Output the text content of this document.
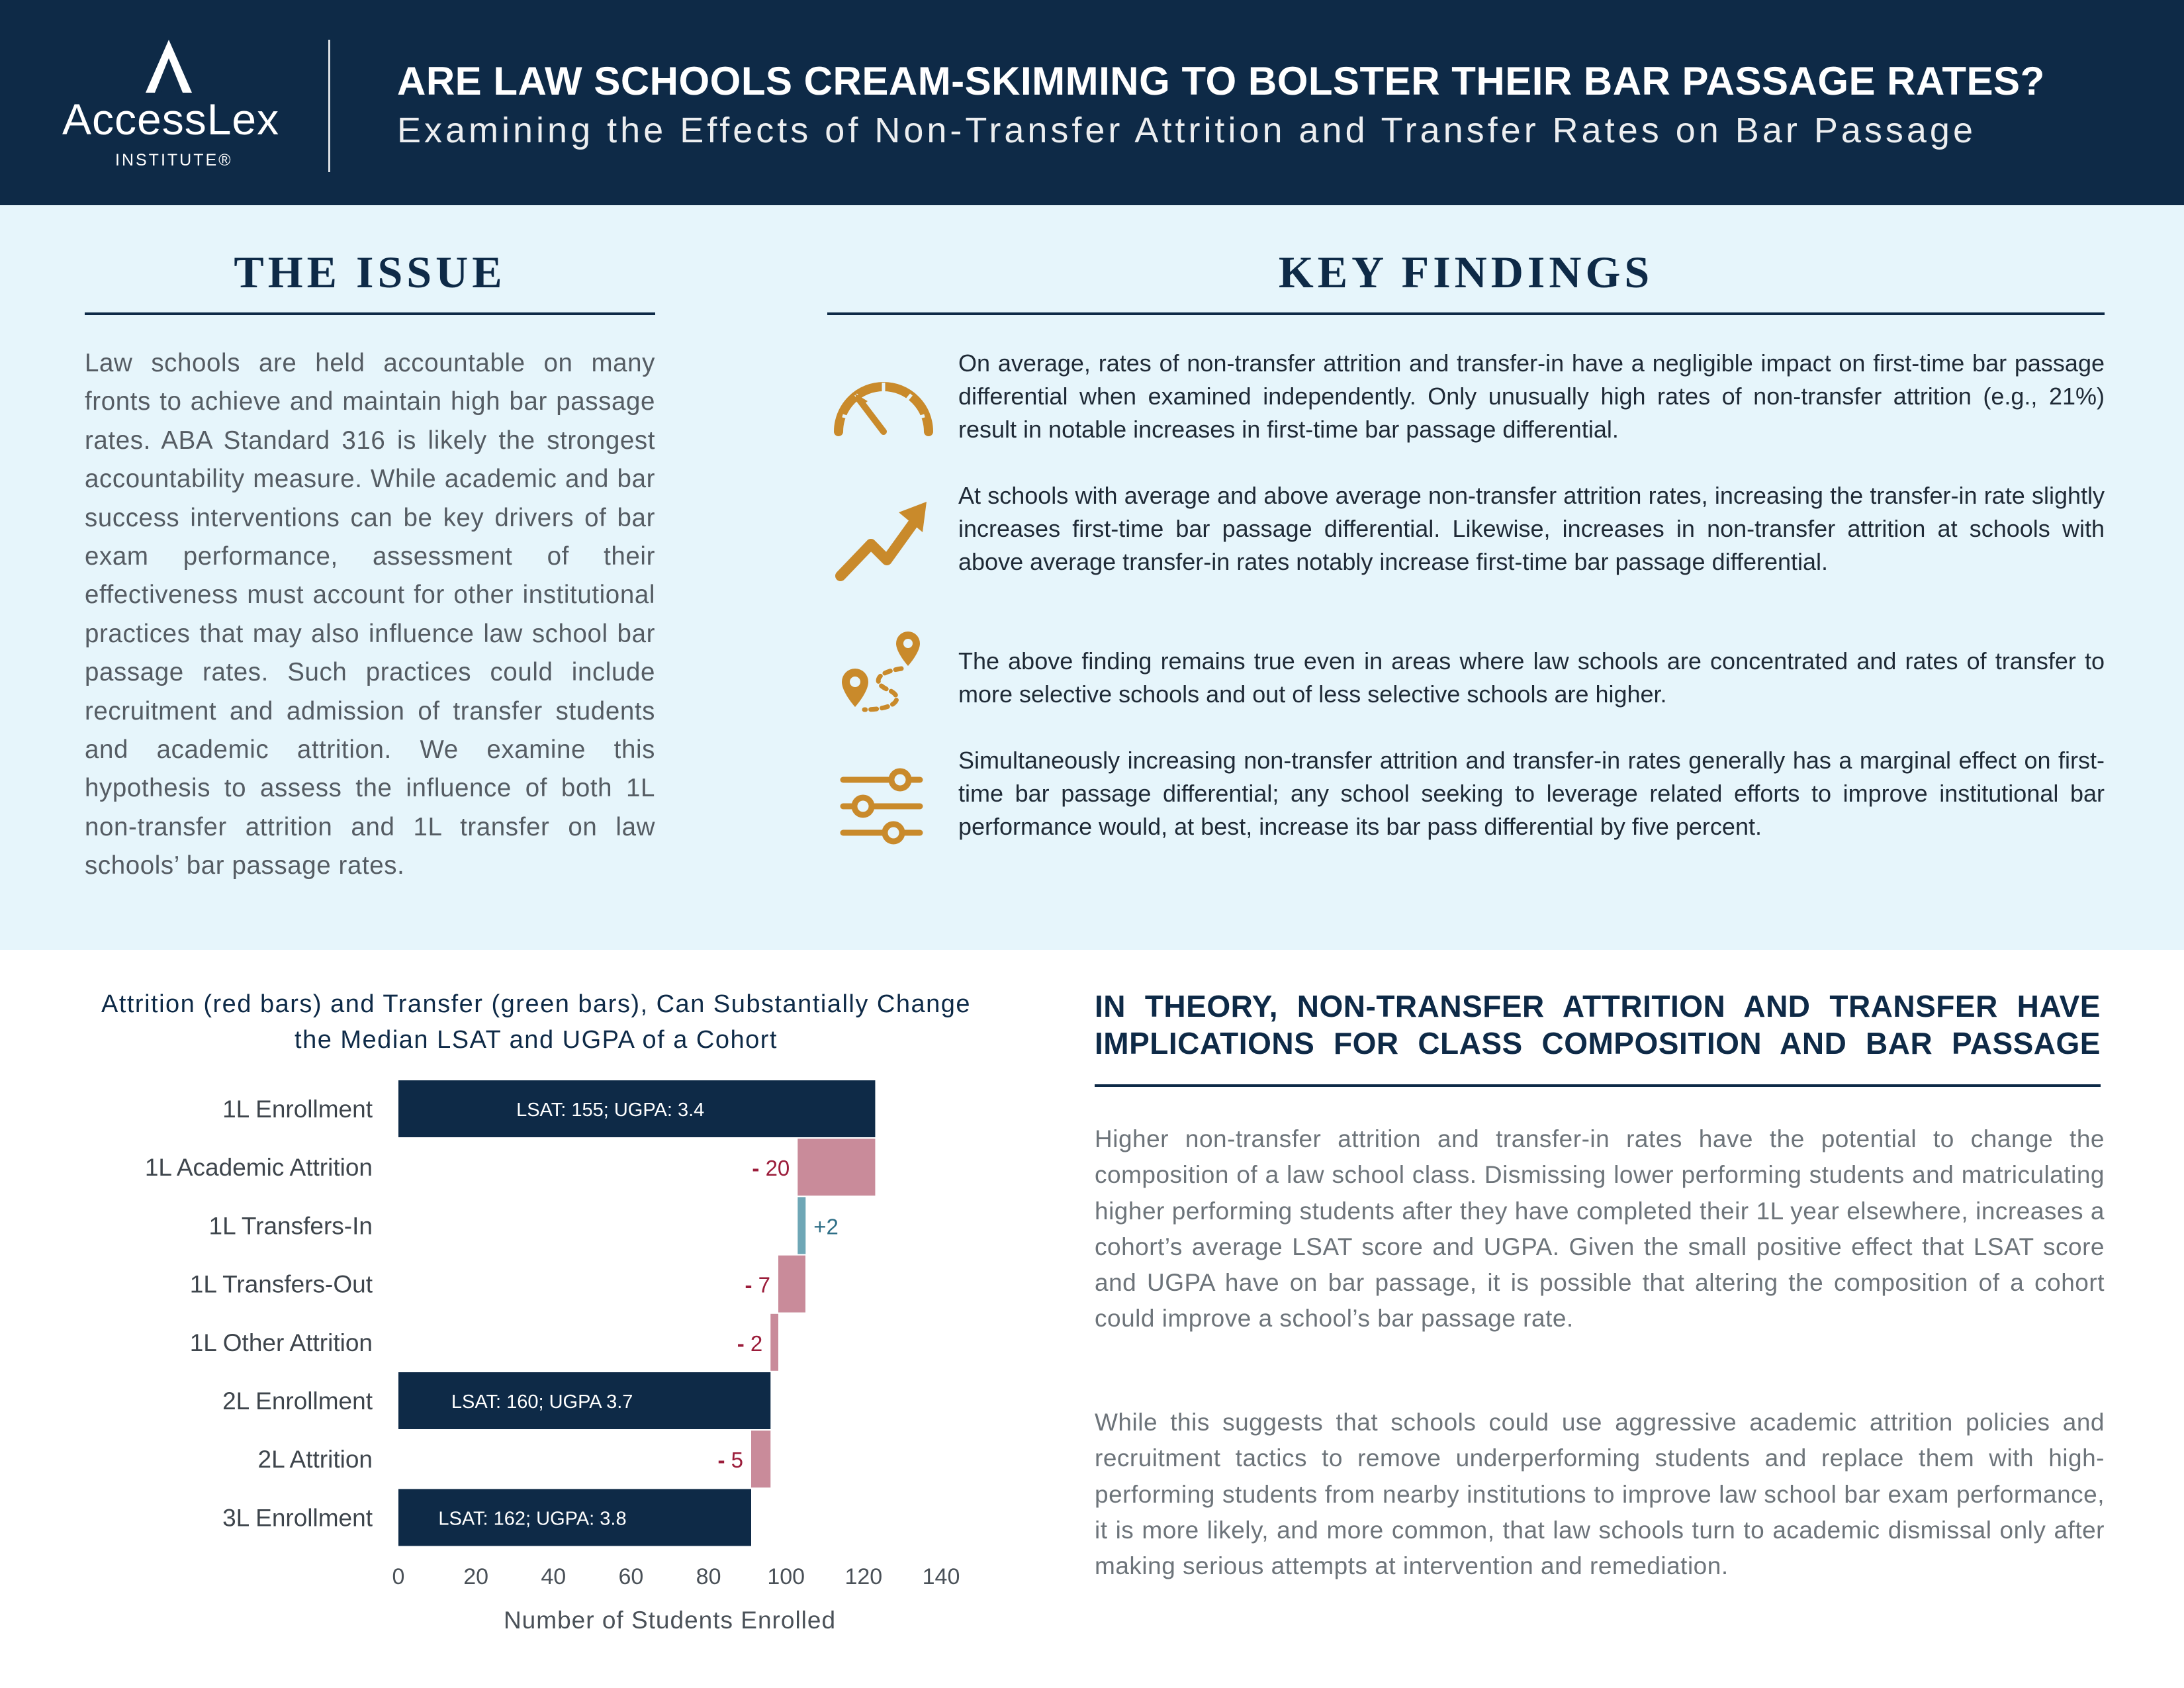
AccessLex
INSTITUTE®
ARE LAW SCHOOLS CREAM-SKIMMING TO BOLSTER THEIR BAR PASSAGE RATES?
Examining the Effects of Non-Transfer Attrition and Transfer Rates on Bar Passage
THE ISSUE
Law schools are held accountable on many fronts to achieve and maintain high bar passage rates. ABA Standard 316 is likely the strongest accountability measure. While academic and bar success interventions can be key drivers of bar exam performance, assessment of their effectiveness must account for other institutional practices that may also influence law school bar passage rates. Such practices could include recruitment and admission of transfer students and academic attrition. We examine this hypothesis to assess the influence of both 1L non-transfer attrition and 1L transfer on law schools’ bar passage rates.
KEY FINDINGS
On average, rates of non-transfer attrition and transfer-in have a negligible impact on first-time bar passage differential when examined independently. Only unusually high rates of non-transfer attrition (e.g., 21%) result in notable increases in first-time bar passage differential.
At schools with average and above average non-transfer attrition rates, increasing the transfer-in rate slightly increases first-time bar passage differential. Likewise, increases in non-transfer attrition at schools with above average transfer-in rates notably increase first-time bar passage differential.
The above finding remains true even in areas where law schools are concentrated and rates of transfer to more selective schools and out of less selective schools are higher.
Simultaneously increasing non-transfer attrition and transfer-in rates generally has a marginal effect on first-time bar passage differential; any school seeking to leverage related efforts to improve institutional bar performance would, at best, increase its bar pass differential by five percent.
Attrition (red bars) and Transfer (green bars), Can Substantially Change the Median LSAT and UGPA of a Cohort
1L Enrollment	LSAT: 155; UGPA: 3.4
1L Academic Attrition	- 20
1L Transfers-In	+2
1L Transfers-Out	- 7
1L Other Attrition	- 2
2L Enrollment	LSAT: 160; UGPA 3.7
2L Attrition	- 5
3L Enrollment	LSAT: 162; UGPA: 3.8
0	20 40 60 80 100 120 140
Number of Students Enrolled
IN THEORY, NON-TRANSFER ATTRITION AND TRANSFER HAVE IMPLICATIONS FOR CLASS COMPOSITION AND BAR PASSAGE
Higher non-transfer attrition and transfer-in rates have the potential to change the composition of a law school class. Dismissing lower performing students and matriculating higher performing students after they have completed their 1L year elsewhere, increases a cohort’s average LSAT score and UGPA. Given the small positive effect that LSAT score and UGPA have on bar passage, it is possible that altering the composition of a cohort could improve a school’s bar passage rate.
While this suggests that schools could use aggressive academic attrition policies and recruitment tactics to remove underperforming students and replace them with high-performing students from nearby institutions to improve law school bar exam performance, it is more likely, and more common, that law schools turn to academic dismissal only after making serious attempts at intervention and remediation.
